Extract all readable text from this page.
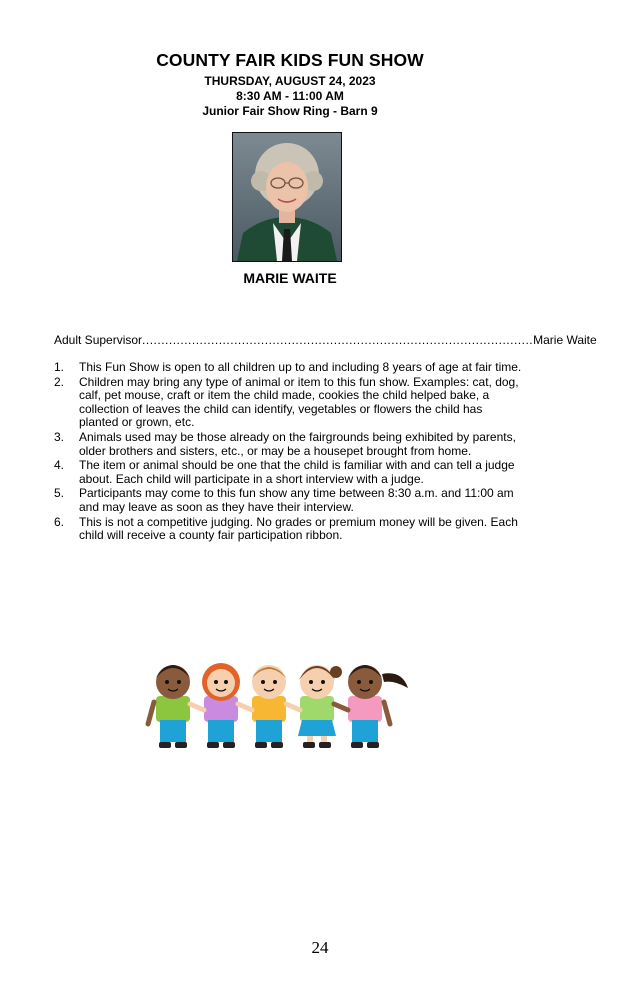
COUNTY FAIR KIDS FUN SHOW
THURSDAY, AUGUST 24, 2023
8:30 AM - 11:00 AM
Junior Fair Show Ring - Barn 9
MARIE WAITE
Adult Supervisor ...................................................................................................... Marie Waite
1.	This Fun Show is open to all children up to and including 8 years of age at fair time.
2.	Children may bring any type of animal or item to this fun show. Examples: cat, dog, calf, pet mouse, craft or item the child made, cookies the child helped bake, a collection of leaves the child can identify, vegetables or flowers the child has planted or grown, etc.
3.	Animals used may be those already on the fairgrounds being exhibited by parents, older brothers and sisters, etc., or may be a housepet brought from home.
4.	The item or animal should be one that the child is familiar with and can tell a judge about. Each child will participate in a short interview with a judge.
5.	Participants may come to this fun show any time between 8:30 a.m. and 11:00 am and may leave as soon as they have their interview.
6.	This is not a competitive judging. No grades or premium money will be given. Each child will receive a county fair participation ribbon.
24
